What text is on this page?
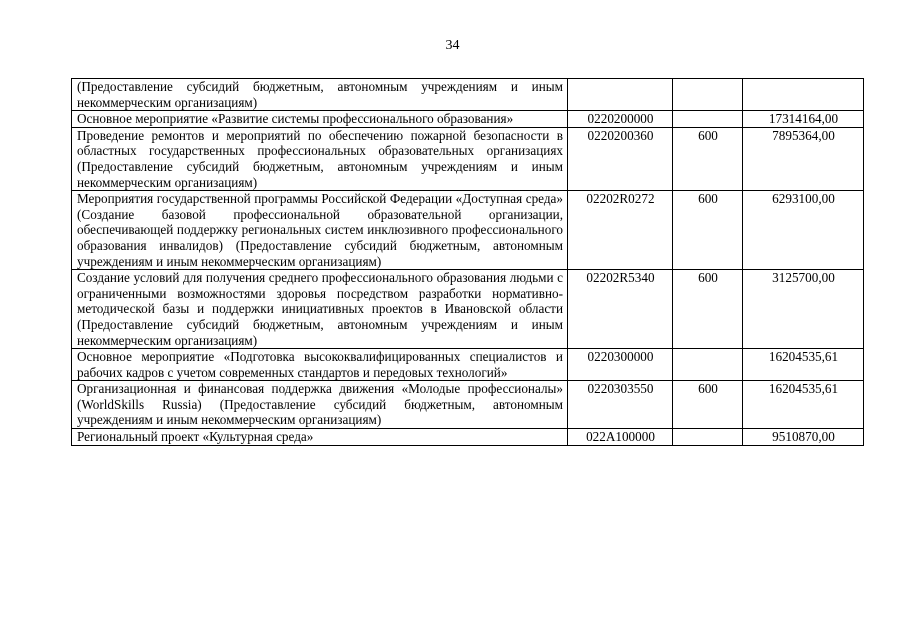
34
(Предоставление субсидий бюджетным, автономным учреждениям и иным некоммерческим организациям)			
Основное мероприятие «Развитие системы профессионального образования»	0220200000		17314164,00
Проведение ремонтов и мероприятий по обеспечению пожарной безопасности в областных государственных профессиональных образовательных организациях (Предоставление субсидий бюджетным, автономным учреждениям и иным некоммерческим организациям)	0220200360	600	7895364,00
Мероприятия государственной программы Российской Федерации «Доступная среда» (Создание базовой профессиональной образовательной организации, обеспечивающей поддержку региональных систем инклюзивного профессионального образования инвалидов) (Предоставление субсидий бюджетным, автономным учреждениям и иным некоммерческим организациям)	02202R0272	600	6293100,00
Создание условий для получения среднего профессионального образования людьми с ограниченными возможностями здоровья посредством разработки нормативно-методической базы и поддержки инициативных проектов в Ивановской области (Предоставление субсидий бюджетным, автономным учреждениям и иным некоммерческим организациям)	02202R5340	600	3125700,00
Основное мероприятие «Подготовка высококвалифицированных специалистов и рабочих кадров с учетом современных стандартов и передовых технологий»	0220300000		16204535,61
Организационная и финансовая поддержка движения «Молодые профессионалы» (WorldSkills Russia) (Предоставление субсидий бюджетным, автономным учреждениям и иным некоммерческим организациям)	0220303550	600	16204535,61
Региональный проект «Культурная среда»	022A100000		9510870,00
